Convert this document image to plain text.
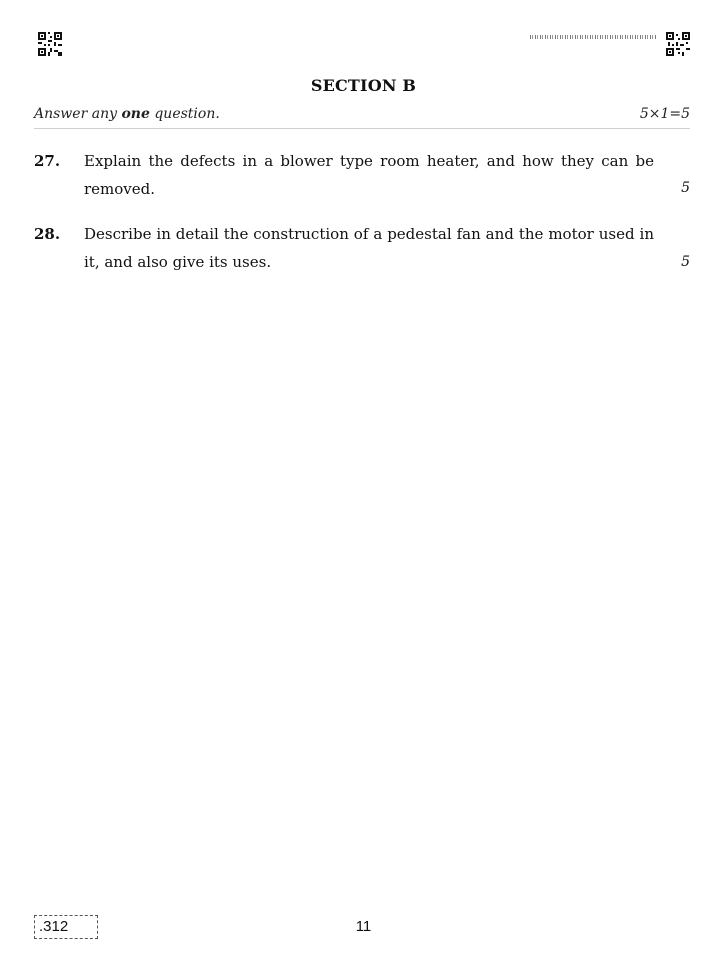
SECTION B
Answer any one question.	5×1=5
27. Explain the defects in a blower type room heater, and how they can be removed.	5
28. Describe in detail the construction of a pedestal fan and the motor used in it, and also give its uses.	5
.312	11
